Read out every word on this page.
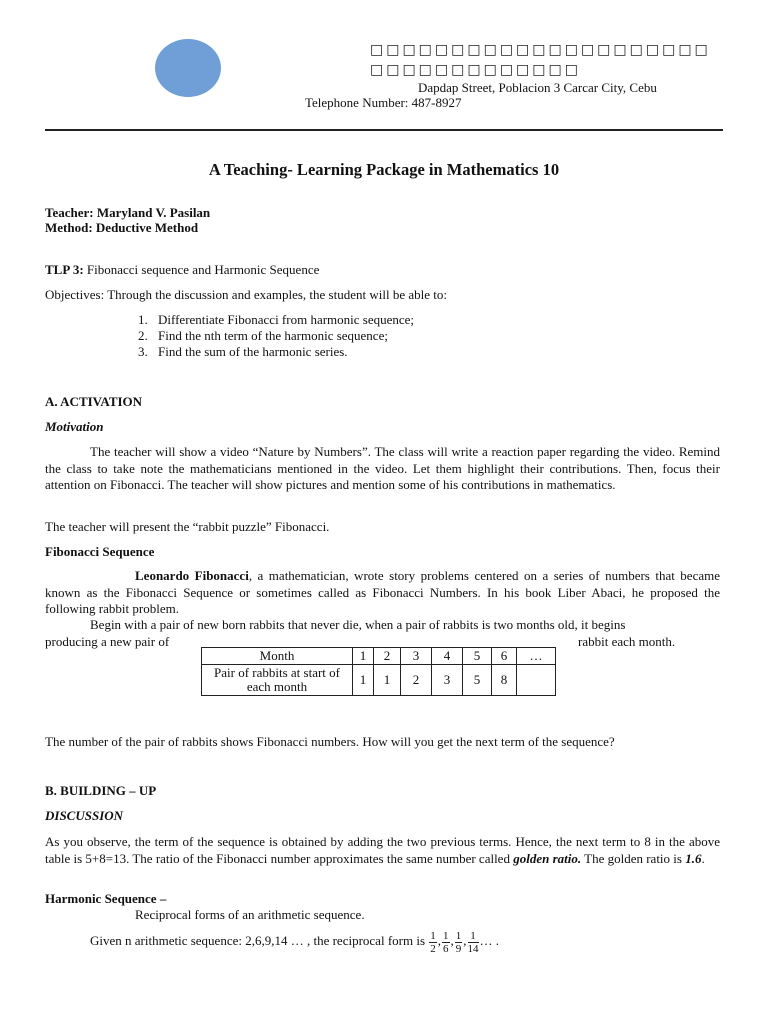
□□□□□□□□□□□□□□□□□□□□□□□□□□□□□□□□□□
Dapdap Street, Poblacion 3 Carcar City, Cebu
Telephone Number: 487-8927
A Teaching- Learning Package in Mathematics 10
Teacher: Maryland V. Pasilan
Method: Deductive Method
TLP 3: Fibonacci sequence and Harmonic Sequence
Objectives: Through the discussion and examples, the student will be able to:
1. Differentiate Fibonacci from harmonic sequence;
2. Find the nth term of the harmonic sequence;
3. Find the sum of the harmonic series.
A. ACTIVATION
Motivation
The teacher will show a video “Nature by Numbers”. The class will write a reaction paper regarding the video. Remind the class to take note the mathematicians mentioned in the video. Let them highlight their contributions. Then, focus their attention on Fibonacci. The teacher will show pictures and mention some of his contributions in mathematics.
The teacher will present the “rabbit puzzle” Fibonacci.
Fibonacci Sequence
Leonardo Fibonacci, a mathematician, wrote story problems centered on a series of numbers that became known as the Fibonacci Sequence or sometimes called as Fibonacci Numbers. In his book Liber Abaci, he proposed the following rabbit problem.
Begin with a pair of new born rabbits that never die, when a pair of rabbits is two months old, it begins
producing a new pair of	rabbit each month.
Month	1	2	3	4	5	6	…
Pair of rabbits at start of each month	1	1	2	3	5	8	
The number of the pair of rabbits shows Fibonacci numbers. How will you get the next term of the sequence?
B. BUILDING – UP
DISCUSSION
As you observe, the term of the sequence is obtained by adding the two previous terms. Hence, the next term to 8 in the above table is 5+8=13. The ratio of the Fibonacci number approximates the same number called golden ratio. The golden ratio is 1.6.
Harmonic Sequence –
Reciprocal forms of an arithmetic sequence.
Given n arithmetic sequence: 2,6,9,14 … , the reciprocal form is $\frac{1}{2}$ , $\frac{1}{6}$ , $\frac{1}{9}$ , $\frac{1}{14}$ … .
